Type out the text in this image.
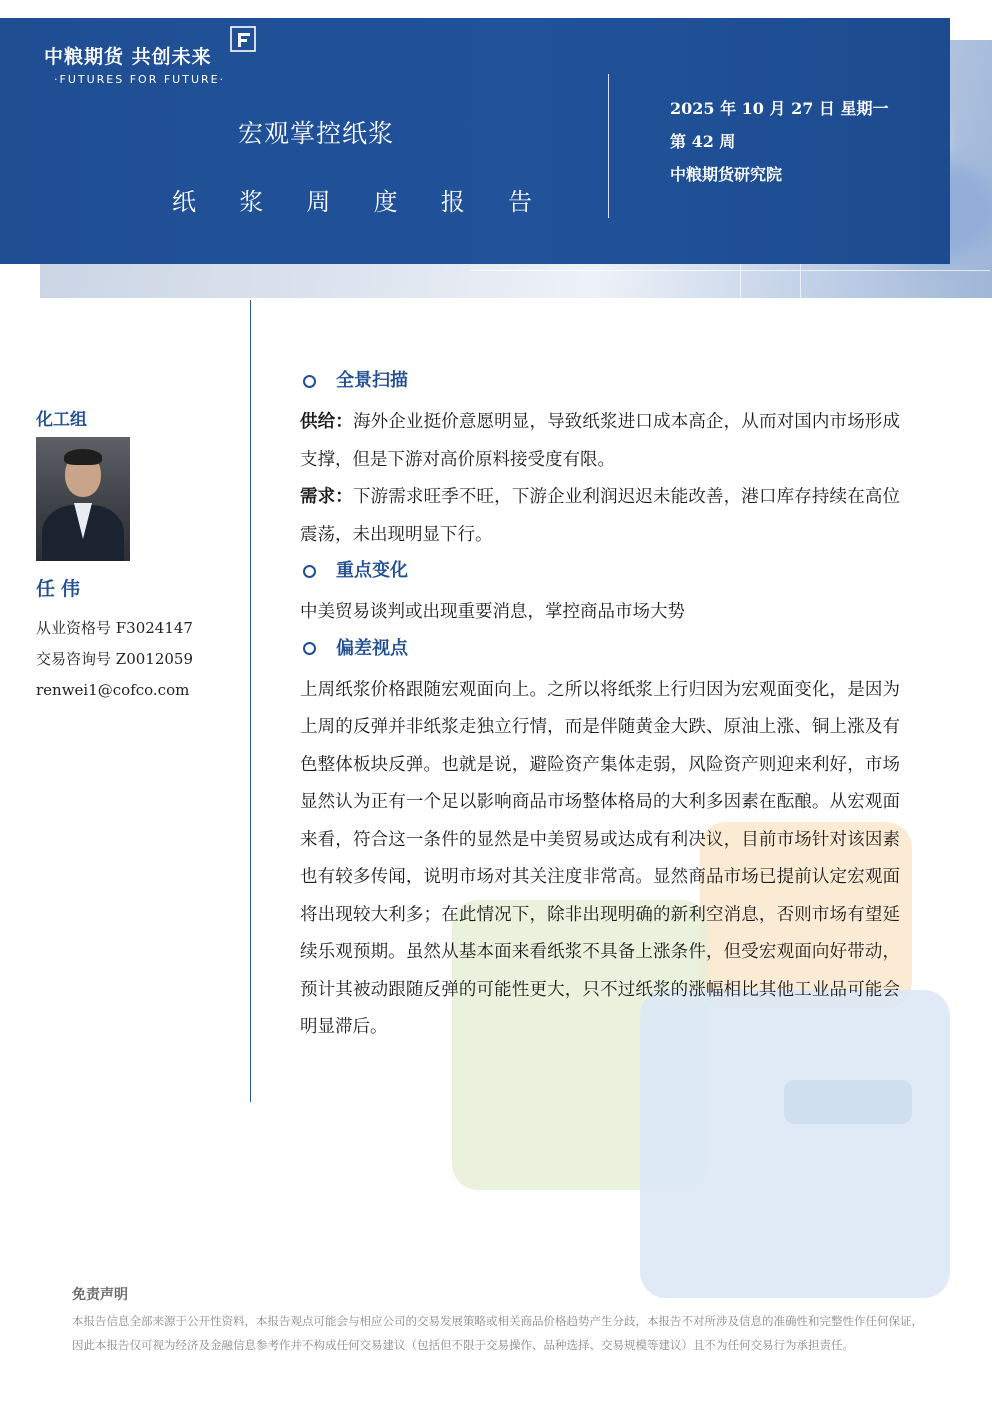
中粮期货 共创未来
·FUTURES FOR FUTURE·
宏观掌控纸浆
纸 浆 周 度 报 告
2025 年 10 月 27 日 星期一
第 42 周
中粮期货研究院
化工组
任伟
从业资格号 F3024147
交易咨询号 Z0012059
renwei1@cofco.com
全景扫描

供给：海外企业挺价意愿明显，导致纸浆进口成本高企，从而对国内市场形成支撑，但是下游对高价原料接受度有限。

需求：下游需求旺季不旺，下游企业利润迟迟未能改善，港口库存持续在高位震荡，未出现明显下行。

重点变化

中美贸易谈判或出现重要消息，掌控商品市场大势

偏差视点

上周纸浆价格跟随宏观面向上。之所以将纸浆上行归因为宏观面变化，是因为上周的反弹并非纸浆走独立行情，而是伴随黄金大跌、原油上涨、铜上涨及有色整体板块反弹。也就是说，避险资产集体走弱，风险资产则迎来利好，市场显然认为正有一个足以影响商品市场整体格局的大利多因素在酝酿。从宏观面来看，符合这一条件的显然是中美贸易或达成有利决议，目前市场针对该因素也有较多传闻，说明市场对其关注度非常高。显然商品市场已提前认定宏观面将出现较大利多；在此情况下，除非出现明确的新利空消息，否则市场有望延续乐观预期。虽然从基本面来看纸浆不具备上涨条件，但受宏观面向好带动，预计其被动跟随反弹的可能性更大，只不过纸浆的涨幅相比其他工业品可能会明显滞后。

免责声明
本报告信息全部来源于公开性资料，本报告观点可能会与相应公司的交易发展策略或相关商品价格趋势产生分歧，本报告不对所涉及信息的准确性和完整性作任何保证，因此本报告仅可视为经济及金融信息参考作并不构成任何交易建议（包括但不限于交易操作、品种选择、交易规模等建议）且不为任何交易行为承担责任。
